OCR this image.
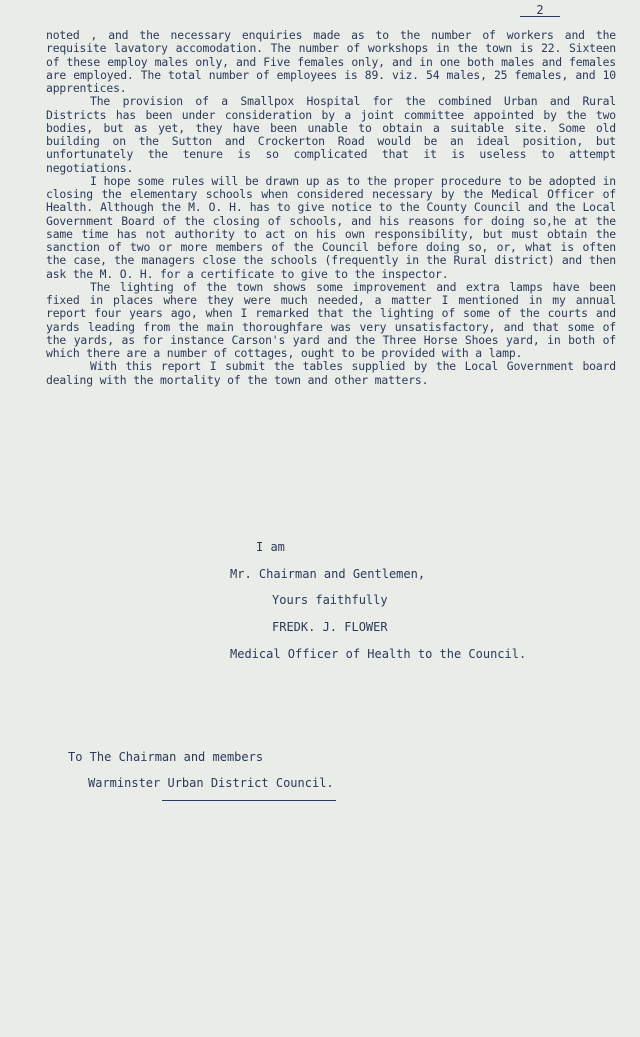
2

noted , and the necessary enquiries made as to the number of workers and the requisite lavatory accomodation. The number of workshops in the town is 22. Sixteen of these employ males only, and Five females only, and in one both males and females are employed. The total number of employees is 89. viz. 54 males, 25 females, and 10 apprentices.

The provision of a Smallpox Hospital for the combined Urban and Rural Districts has been under consideration by a joint committee appointed by the two bodies, but as yet, they have been unable to obtain a suitable site. Some old building on the Sutton and Crockerton Road would be an ideal position, but unfortunately the tenure is so complicated that it is useless to attempt negotiations.

I hope some rules will be drawn up as to the proper procedure to be adopted in closing the elementary schools when considered necessary by the Medical Officer of Health. Although the M. O. H. has to give notice to the County Council and the Local Government Board of the closing of schools, and his reasons for doing so,he at the same time has not authority to act on his own responsibility, but must obtain the sanction of two or more members of the Council before doing so, or, what is often the case, the managers close the schools (frequently in the Rural district) and then ask the M. O. H. for a certificate to give to the inspector.

The lighting of the town shows some improvement and extra lamps have been fixed in places where they were much needed, a matter I mentioned in my annual report four years ago, when I remarked that the lighting of some of the courts and yards leading from the main thoroughfare was very unsatisfactory, and that some of the yards, as for instance Carson's yard and the Three Horse Shoes yard, in both of which there are a number of cottages, ought to be provided with a lamp.

With this report I submit the tables supplied by the Local Government board dealing with the mortality of the town and other matters.

I am
Mr. Chairman and Gentlemen,
Yours faithfully
FREDK. J. FLOWER
Medical Officer of Health to the Council.
To The Chairman and members
Warminster Urban District Council.
